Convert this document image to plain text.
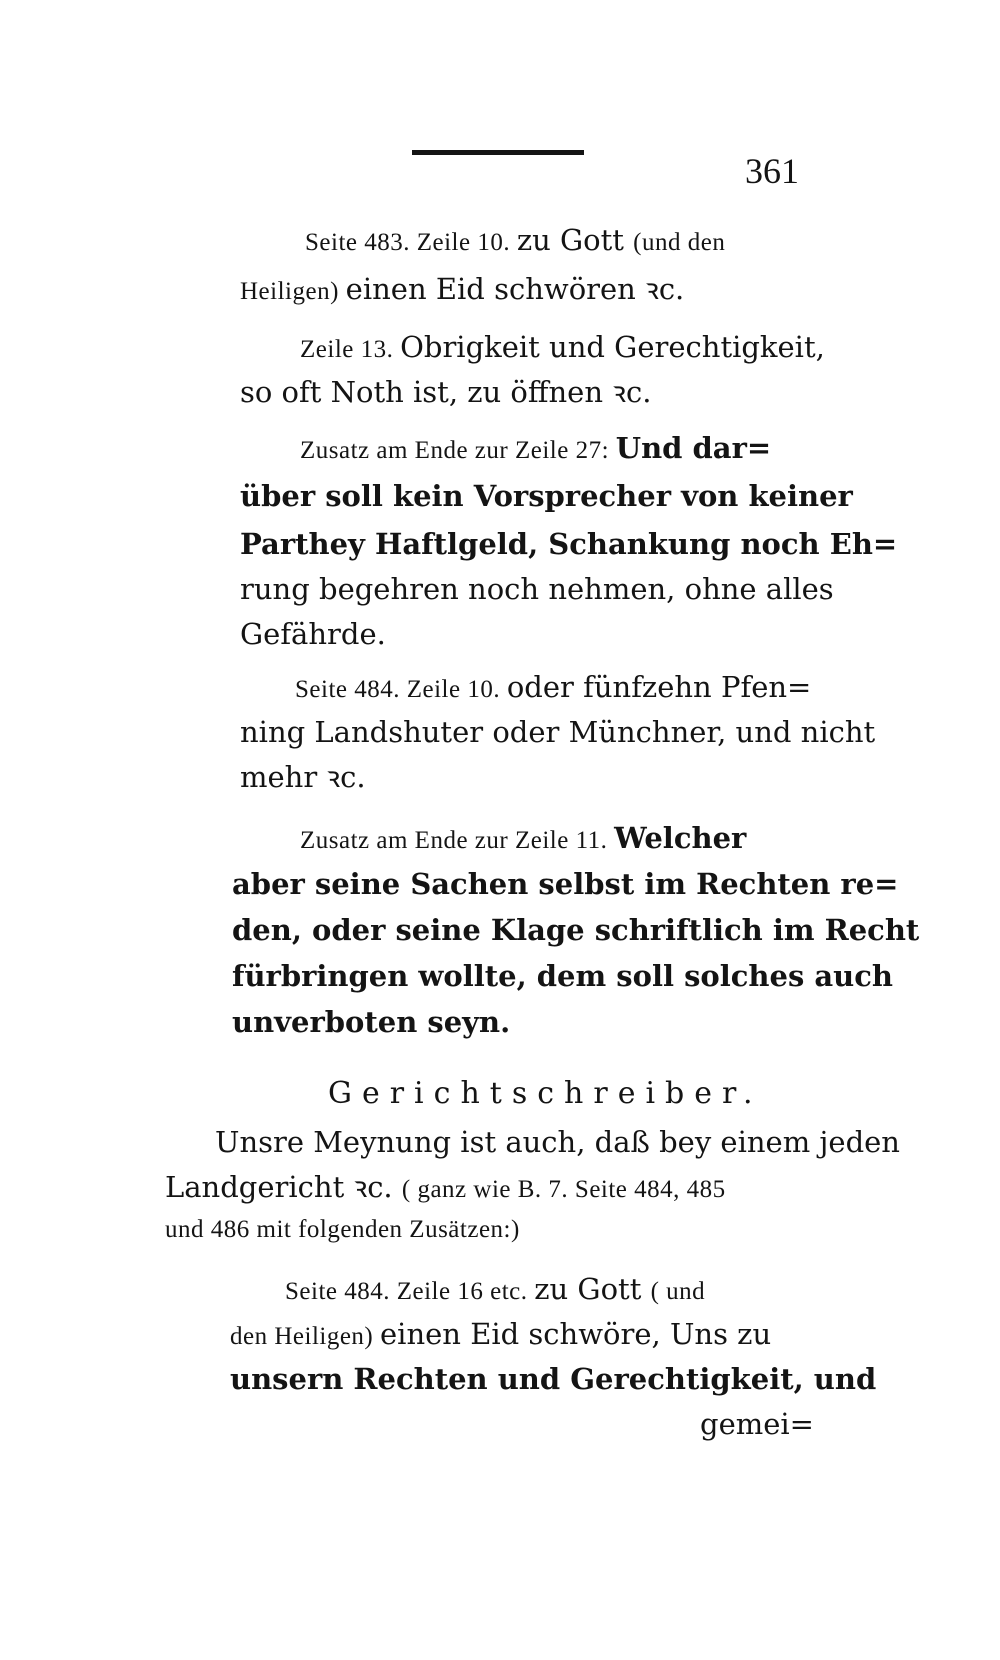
361
Seite 483. Zeile 10. zu Gott (und den
Heiligen) einen Eid schwören ꝛc.
Zeile 13. Obrigkeit und Gerechtigkeit,
so oft Noth ist, zu öffnen ꝛc.
Zusatz am Ende zur Zeile 27: Und dar=
über soll kein Vorsprecher von keiner
Parthey Haftlgeld, Schankung noch Eh=
rung begehren noch nehmen, ohne alles
Gefährde.
Seite 484. Zeile 10. oder fünfzehn Pfen=
ning Landshuter oder Münchner, und nicht
mehr ꝛc.
Zusatz am Ende zur Zeile 11. Welcher
aber seine Sachen selbst im Rechten re=
den, oder seine Klage schriftlich im Recht
fürbringen wollte, dem soll solches auch
unverboten seyn.
Unsre Meynung ist auch, daß bey einem jeden
Landgericht ꝛc. ( ganz wie B. 7. Seite 484, 485
und 486 mit folgenden Zusätzen:)
Seite 484. Zeile 16 etc. zu Gott ( und
den Heiligen) einen Eid schwöre, Uns zu
unsern Rechten und Gerechtigkeit, und
gemei=
Gerichtschreiber.
